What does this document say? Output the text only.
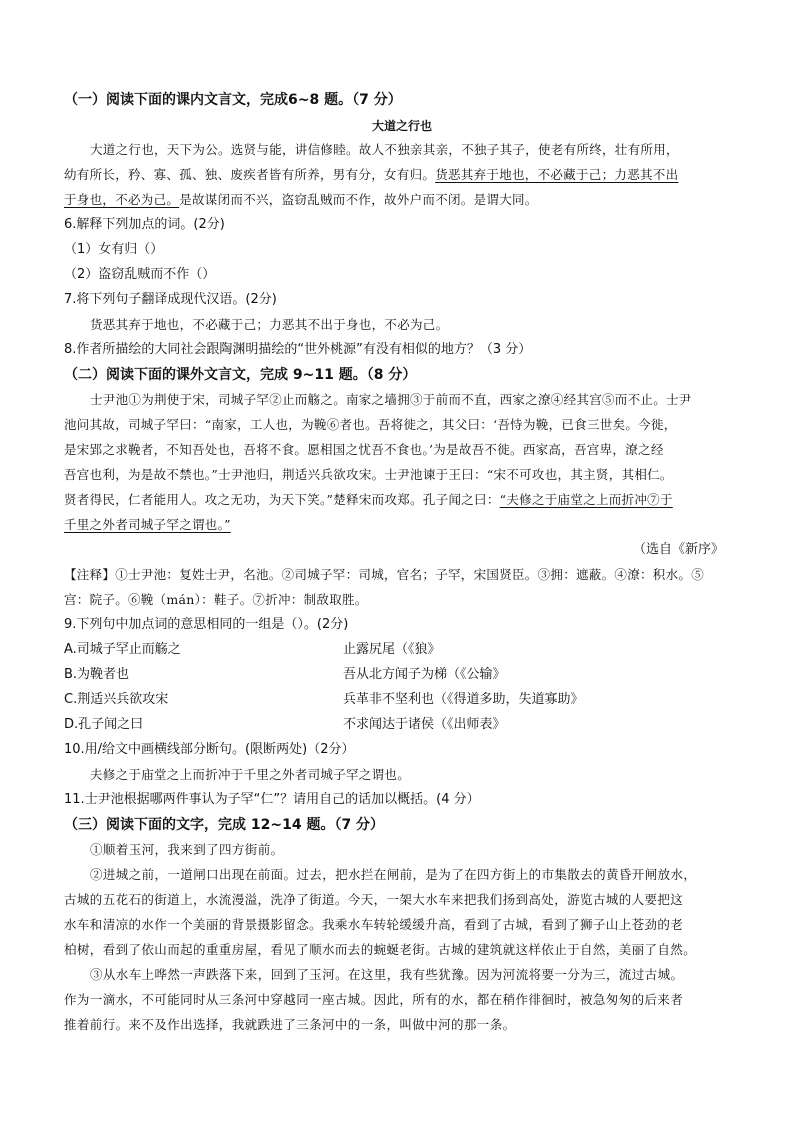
（一）阅读下面的课内文言文，完成6~8 题。（7 分）
大道之行也
大道之行也，天下为公。选贤与能，讲信修睦。故人不独亲其亲，不独子其子，使老有所终，壮有所用，
幼有所长，矜、寡、孤、独、废疾者皆有所养，男有分，女有归。货恶其弃于地也，不必藏于己；力恶其不出
于身也，不必为己。是故谋闭而不兴，盗窃乱贼而不作，故外户而不闭。是谓大同。
6.解释下列加点的词。(2分)
（1）女有归（）
（2）盗窃乱贼而不作（）
7.将下列句子翻译成现代汉语。(2分)
货恶其弃于地也，不必藏于己；力恶其不出于身也，不必为己。
8.作者所描绘的大同社会跟陶渊明描绘的“世外桃源”有没有相似的地方？（3 分）
（二）阅读下面的课外文言文，完成 9~11 题。（8 分）
士尹池①为荆使于宋，司城子罕②止而觞之。南家之墙拥③于前而不直，西家之潦④经其宫⑤而不止。士尹
池问其故，司城子罕曰：“南家，工人也，为鞔⑥者也。吾将徙之，其父曰：‘吾恃为鞔，已食三世矣。今徙，
是宋郢之求鞔者，不知吾处也，吾将不食。愿相国之忧吾不食也。’为是故吾不徙。西家高，吾宫卑，潦之经
吾宫也利，为是故不禁也。”士尹池归，荆适兴兵欲攻宋。士尹池谏于王曰：“宋不可攻也，其主贤，其相仁。
贤者得民，仁者能用人。攻之无功，为天下笑。”楚释宋而攻郑。孔子闻之曰：“夫修之于庙堂之上而折冲⑦于
千里之外者司城子罕之谓也。”
（选自《新序》
【注释】①士尹池：复姓士尹，名池。②司城子罕：司城，官名；子罕，宋国贤臣。③拥：遮蔽。④潦：积水。⑤
宫：院子。⑥鞔（mán）：鞋子。⑦折冲：制敌取胜。
9.下列句中加点词的意思相同的一组是（）。(2分)
A.司城子罕止而觞之	止露尻尾（《狼》
B.为鞔者也	吾从北方闻子为梯（《公输》
C.荆适兴兵欲攻宋	兵革非不坚利也（《得道多助，失道寡助》
D.孔子闻之曰	不求闻达于诸侯（《出师表》
10.用/给文中画横线部分断句。(限断两处)（2分）
夫修之于庙堂之上而折冲于千里之外者司城子罕之谓也。
11.士尹池根据哪两件事认为子罕“仁”？请用自己的话加以概括。(4 分）
（三）阅读下面的文字，完成 12~14 题。（7 分）
①顺着玉河，我来到了四方街前。
②进城之前，一道闸口出现在前面。过去，把水拦在闸前，是为了在四方街上的市集散去的黄昏开闸放水，
古城的五花石的街道上，水流漫溢，洗净了街道。今天，一架大水车来把我们扬到高处，游览古城的人要把这
水车和清凉的水作一个美丽的背景摄影留念。我乘水车转轮缓缓升高，看到了古城，看到了狮子山上苍劲的老
柏树，看到了依山而起的重重房屋，看见了顺水而去的蜿蜒老街。古城的建筑就这样依止于自然，美丽了自然。
③从水车上哗然一声跌落下来，回到了玉河。在这里，我有些犹豫。因为河流将要一分为三，流过古城。
作为一滴水，不可能同时从三条河中穿越同一座古城。因此，所有的水，都在稍作徘徊时，被急匆匆的后来者
推着前行。来不及作出选择，我就跌进了三条河中的一条，叫做中河的那一条。
